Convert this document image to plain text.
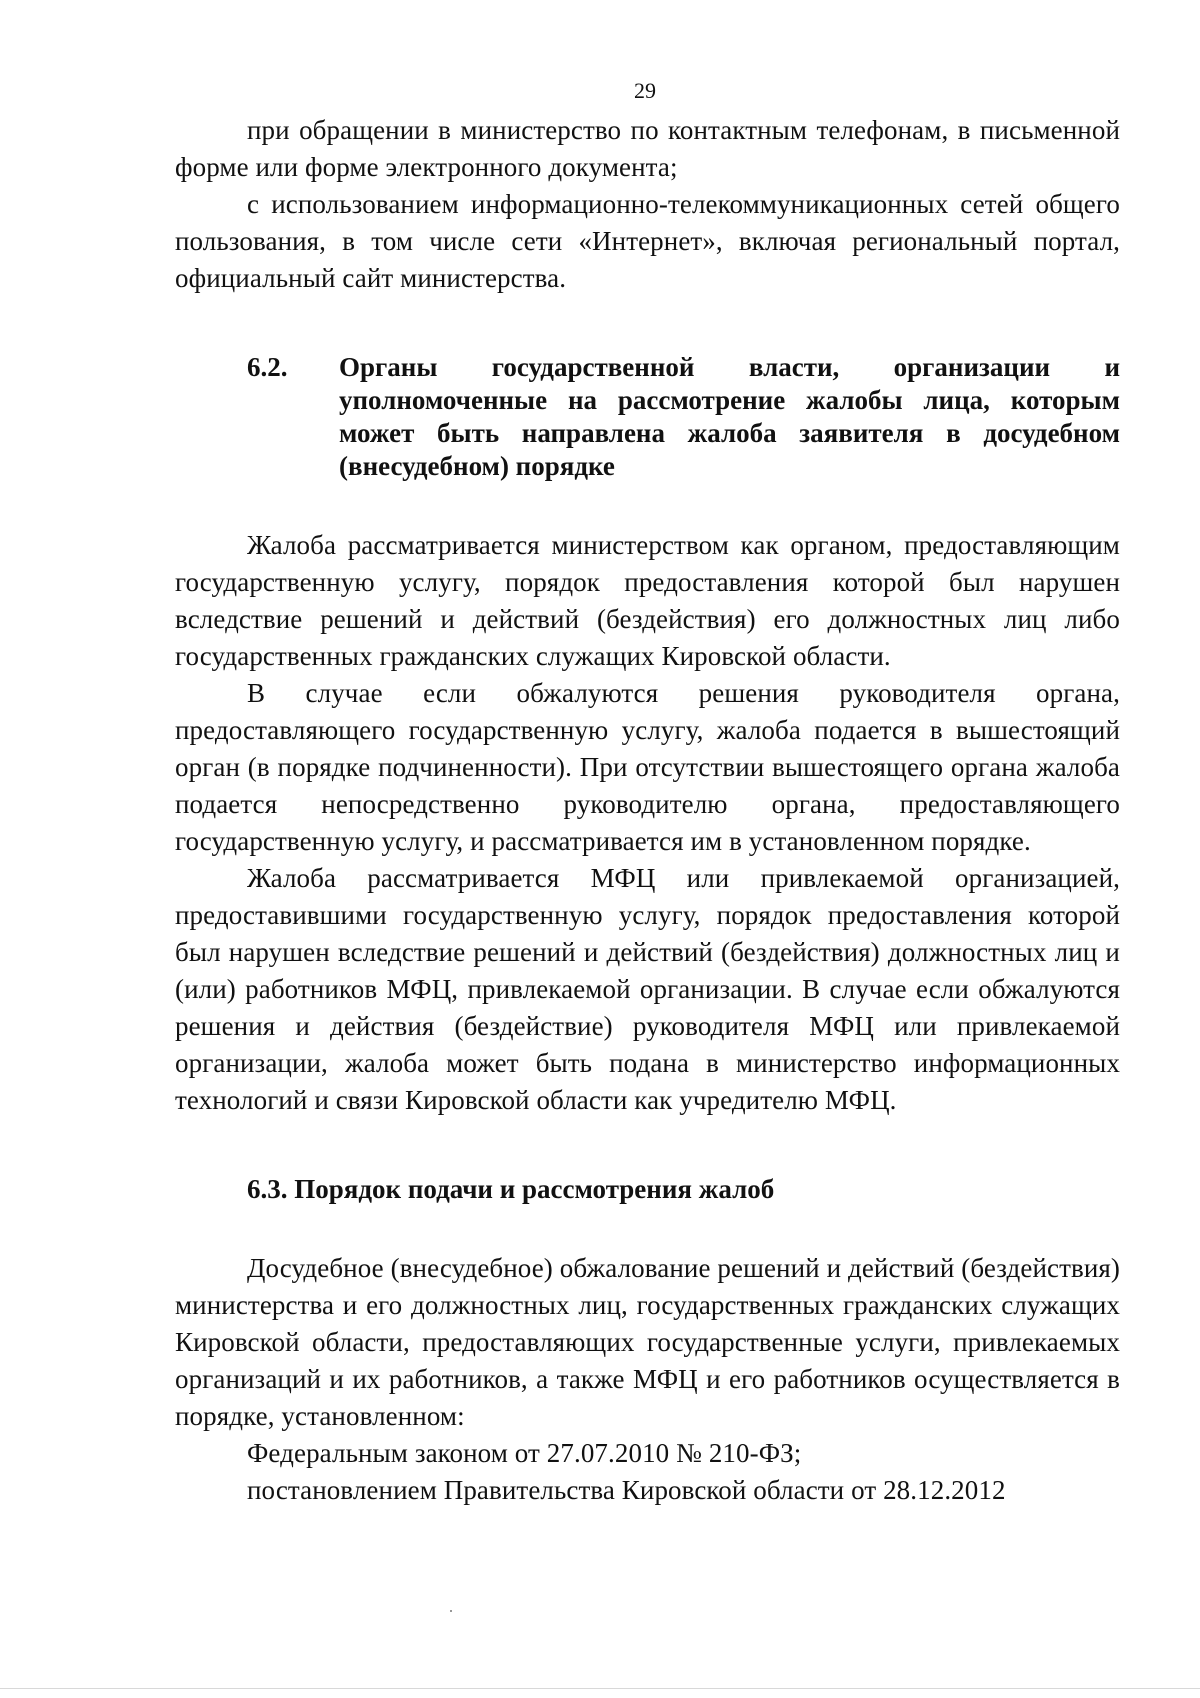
29

при обращении в министерство по контактным телефонам, в письменной форме или форме электронного документа;

с использованием информационно-телекоммуникационных сетей общего пользования, в том числе сети «Интернет», включая региональный портал, официальный сайт министерства.

6.2.	Органы государственной власти, организации и уполномоченные на рассмотрение жалобы лица, которым может быть направлена жалоба заявителя в досудебном (внесудебном) порядке

Жалоба рассматривается министерством как органом, предоставляющим государственную услугу, порядок предоставления которой был нарушен вследствие решений и действий (бездействия) его должностных лиц либо государственных гражданских служащих Кировской области.

В случае если обжалуются решения руководителя органа, предоставляющего государственную услугу, жалоба подается в вышестоящий орган (в порядке подчиненности). При отсутствии вышестоящего органа жалоба подается непосредственно руководителю органа, предоставляющего государственную услугу, и рассматривается им в установленном порядке.

Жалоба рассматривается МФЦ или привлекаемой организацией, предоставившими государственную услугу, порядок предоставления которой был нарушен вследствие решений и действий (бездействия) должностных лиц и (или) работников МФЦ, привлекаемой организации. В случае если обжалуются решения и действия (бездействие) руководителя МФЦ или привлекаемой организации, жалоба может быть подана в министерство информационных технологий и связи Кировской области как учредителю МФЦ.

6.3. Порядок подачи и рассмотрения жалоб

Досудебное (внесудебное) обжалование решений и действий (бездействия) министерства и его должностных лиц, государственных гражданских служащих Кировской области, предоставляющих государственные услуги, привлекаемых организаций и их работников, а также МФЦ и его работников осуществляется в порядке, установленном:

Федеральным законом от 27.07.2010 № 210-ФЗ;

постановлением Правительства Кировской области от 28.12.2012
